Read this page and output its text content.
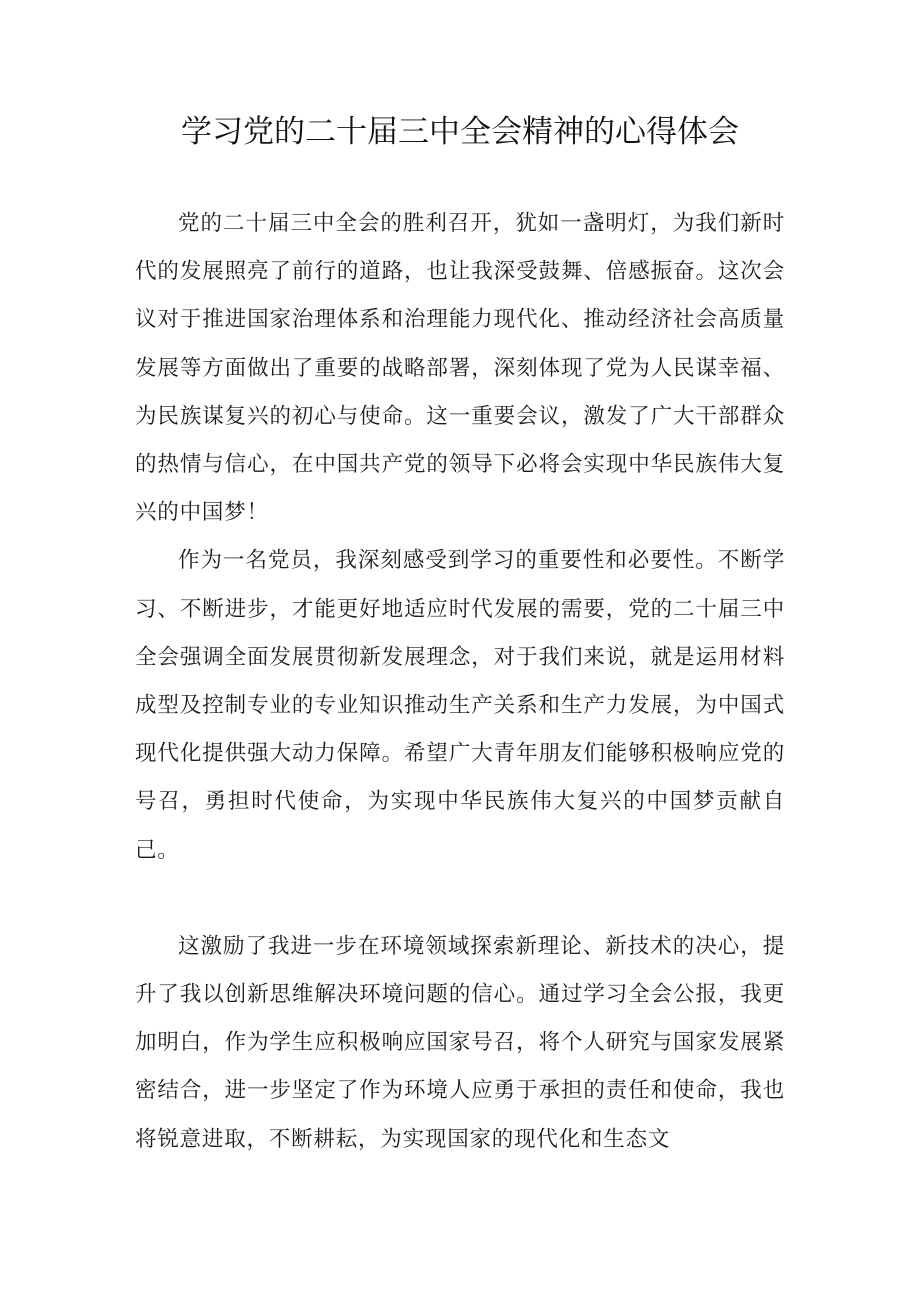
学习党的二十届三中全会精神的心得体会

党的二十届三中全会的胜利召开，犹如一盏明灯，为我们新时代的发展照亮了前行的道路，也让我深受鼓舞、倍感振奋。这次会议对于推进国家治理体系和治理能力现代化、推动经济社会高质量发展等方面做出了重要的战略部署，深刻体现了党为人民谋幸福、为民族谋复兴的初心与使命。这一重要会议，激发了广大干部群众的热情与信心，在中国共产党的领导下必将会实现中华民族伟大复兴的中国梦！

作为一名党员，我深刻感受到学习的重要性和必要性。不断学习、不断进步，才能更好地适应时代发展的需要，党的二十届三中全会强调全面发展贯彻新发展理念，对于我们来说，就是运用材料成型及控制专业的专业知识推动生产关系和生产力发展，为中国式现代化提供强大动力保障。希望广大青年朋友们能够积极响应党的号召，勇担时代使命，为实现中华民族伟大复兴的中国梦贡献自己。

这激励了我进一步在环境领域探索新理论、新技术的决心，提升了我以创新思维解决环境问题的信心。通过学习全会公报，我更加明白，作为学生应积极响应国家号召，将个人研究与国家发展紧密结合，进一步坚定了作为环境人应勇于承担的责任和使命，我也将锐意进取，不断耕耘，为实现国家的现代化和生态文
